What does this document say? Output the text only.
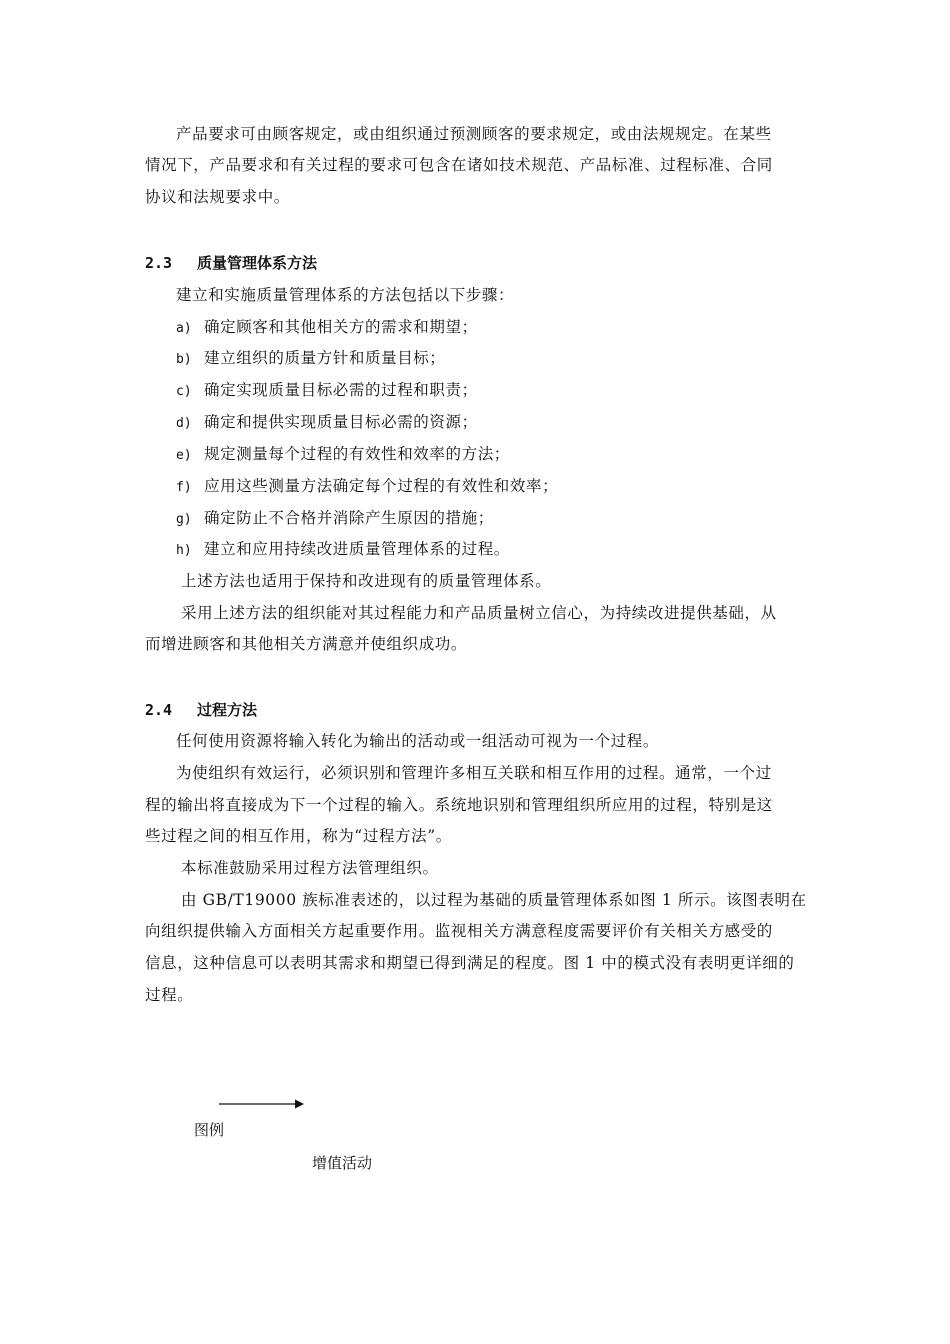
产品要求可由顾客规定，或由组织通过预测顾客的要求规定，或由法规规定。在某些
情况下，产品要求和有关过程的要求可包含在诸如技术规范、产品标准、过程标准、合同
协议和法规要求中。
2.3 质量管理体系方法
建立和实施质量管理体系的方法包括以下步骤：
a) 确定顾客和其他相关方的需求和期望；
b) 建立组织的质量方针和质量目标；
c) 确定实现质量目标必需的过程和职责；
d) 确定和提供实现质量目标必需的资源；
e) 规定测量每个过程的有效性和效率的方法；
f) 应用这些测量方法确定每个过程的有效性和效率；
g) 确定防止不合格并消除产生原因的措施；
h) 建立和应用持续改进质量管理体系的过程。
上述方法也适用于保持和改进现有的质量管理体系。
采用上述方法的组织能对其过程能力和产品质量树立信心，为持续改进提供基础，从
而增进顾客和其他相关方满意并使组织成功。
2.4 过程方法
任何使用资源将输入转化为输出的活动或一组活动可视为一个过程。
为使组织有效运行，必须识别和管理许多相互关联和相互作用的过程。通常，一个过
程的输出将直接成为下一个过程的输入。系统地识别和管理组织所应用的过程，特别是这
些过程之间的相互作用，称为“过程方法”。
本标准鼓励采用过程方法管理组织。
由 GB/T19000 族标准表述的，以过程为基础的质量管理体系如图 1 所示。该图表明在
向组织提供输入方面相关方起重要作用。监视相关方满意程度需要评价有关相关方感受的
信息，这种信息可以表明其需求和期望已得到满足的程度。图 1 中的模式没有表明更详细的
过程。
图例
增值活动
